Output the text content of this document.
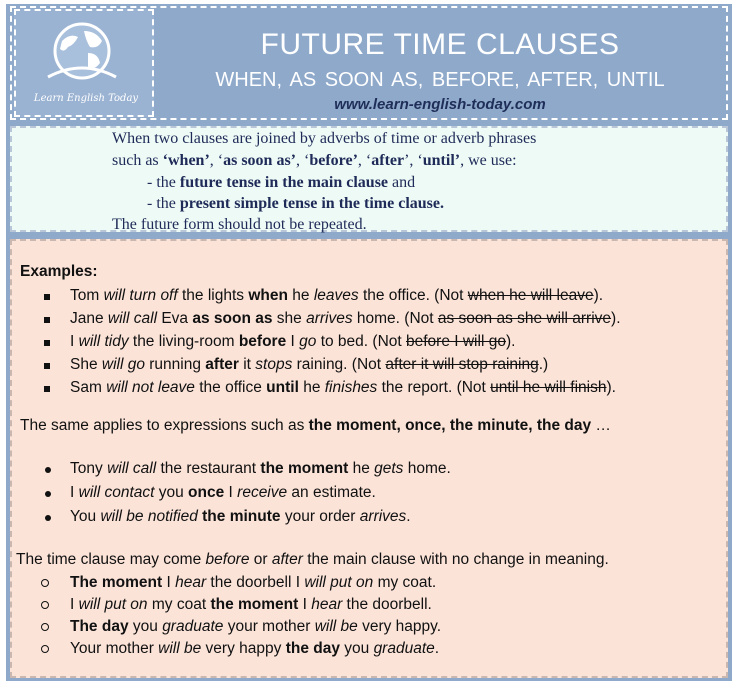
Learn English Today
FUTURE TIME CLAUSES
WHEN, AS SOON AS, BEFORE, AFTER, UNTIL
www.learn-english-today.com
When two clauses are joined by adverbs of time or adverb phrases
such as ‘when’, ‘as soon as’, ‘before’, ‘after’, ‘until’, we use:
- the future tense in the main clause and
- the present simple tense in the time clause.
The future form should not be repeated.
Examples:
Tom will turn off the lights when he leaves the office. (Not when he will leave).
Jane will call Eva as soon as she arrives home. (Not as soon as she will arrive).
I will tidy the living-room before I go to bed. (Not before I will go).
She will go running after it stops raining. (Not after it will stop raining.)
Sam will not leave the office until he finishes the report. (Not until he will finish).
The same applies to expressions such as the moment, once, the minute, the day …
Tony will call the restaurant the moment he gets home.
I will contact you once I receive an estimate.
You will be notified the minute your order arrives.
The time clause may come before or after the main clause with no change in meaning.
The moment I hear the doorbell I will put on my coat.
I will put on my coat the moment I hear the doorbell.
The day you graduate your mother will be very happy.
Your mother will be very happy the day you graduate.
